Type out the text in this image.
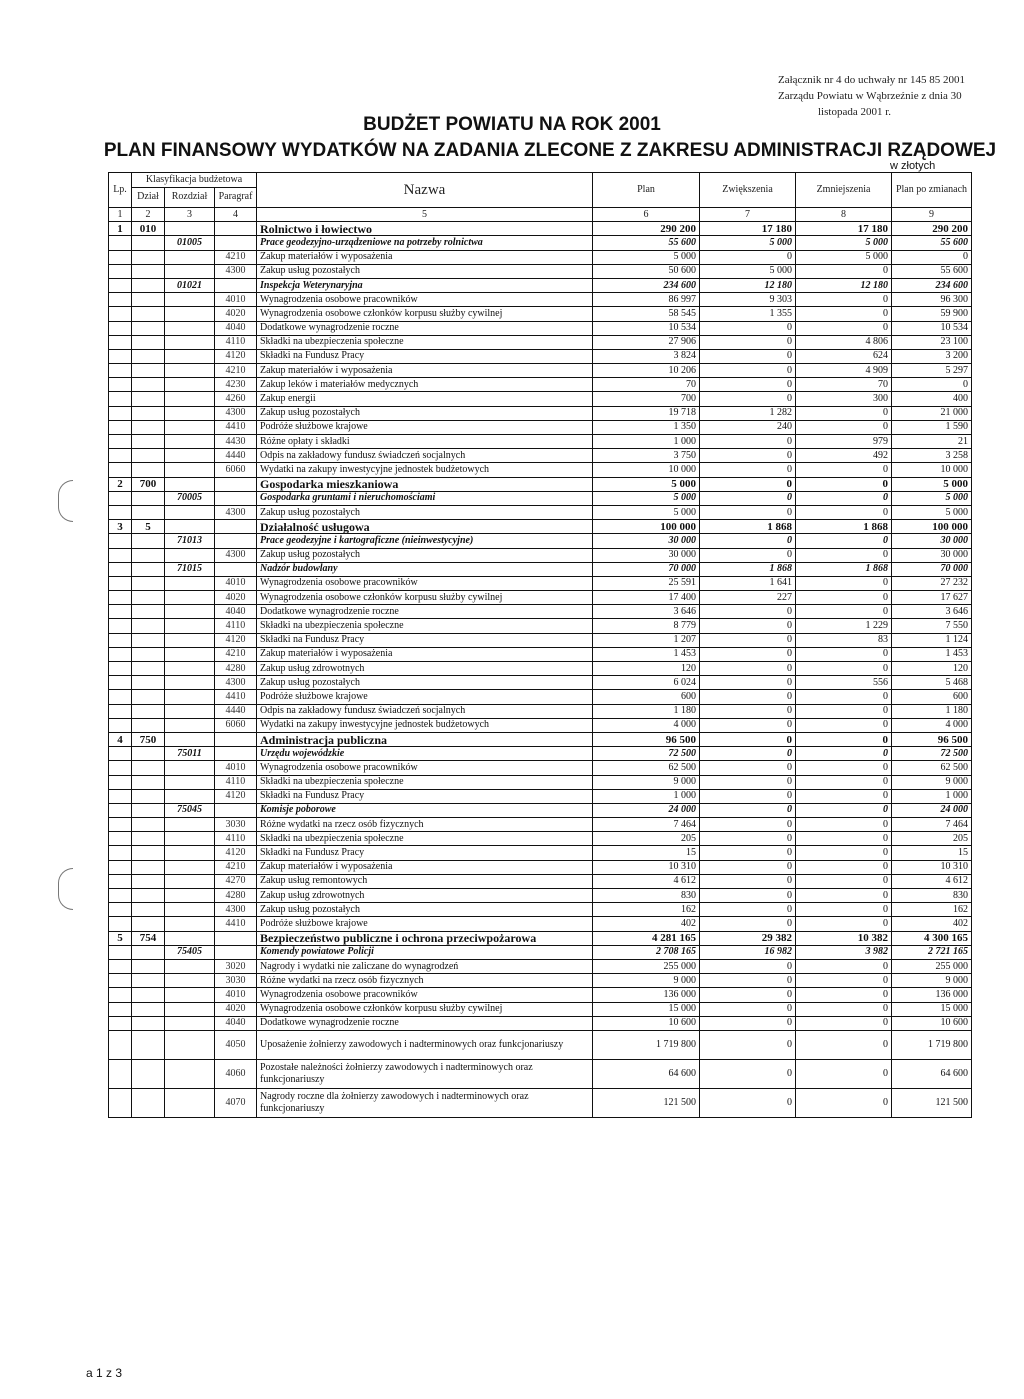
Załącznik nr 4 do uchwały nr 145 85 2001
Zarządu Powiatu w Wąbrzeźnie z dnia 30
listopada 2001 r.
BUDŻET POWIATU NA ROK 2001
PLAN FINANSOWY WYDATKÓW NA ZADANIA ZLECONE Z ZAKRESU ADMINISTRACJI RZĄDOWEJ
w złotych
Lp.	Klasyfikacja budżetowa			Nazwa	Plan	Zwiększenia	Zmniejszenia	Plan po zmianach
	Dział	Rozdział	Paragraf					
1	2	3	4	5	6	7	8	9
1	010			Rolnictwo i łowiectwo	290 200	17 180	17 180	290 200
		01005		Prace geodezyjno-urządzeniowe na potrzeby rolnictwa	55 600	5 000	5 000	55 600
			4210	Zakup materiałów i wyposażenia	5 000	0	5 000	0
			4300	Zakup usług pozostałych	50 600	5 000	0	55 600
		01021		Inspekcja Weterynaryjna	234 600	12 180	12 180	234 600
			4010	Wynagrodzenia osobowe pracowników	86 997	9 303	0	96 300
			4020	Wynagrodzenia osobowe członków korpusu służby cywilnej	58 545	1 355	0	59 900
			4040	Dodatkowe wynagrodzenie roczne	10 534	0	0	10 534
			4110	Składki na ubezpieczenia społeczne	27 906	0	4 806	23 100
			4120	Składki na Fundusz Pracy	3 824	0	624	3 200
			4210	Zakup materiałów i wyposażenia	10 206	0	4 909	5 297
			4230	Zakup leków i materiałów medycznych	70	0	70	0
			4260	Zakup energii	700	0	300	400
			4300	Zakup usług pozostałych	19 718	1 282	0	21 000
			4410	Podróże służbowe krajowe	1 350	240	0	1 590
			4430	Różne opłaty i składki	1 000	0	979	21
			4440	Odpis na zakładowy fundusz świadczeń socjalnych	3 750	0	492	3 258
			6060	Wydatki na zakupy inwestycyjne jednostek budżetowych	10 000	0	0	10 000
2	700			Gospodarka mieszkaniowa	5 000	0	0	5 000
		70005		Gospodarka gruntami i nieruchomościami	5 000	0	0	5 000
			4300	Zakup usług pozostałych	5 000	0	0	5 000
3	5			Działalność usługowa	100 000	1 868	1 868	100 000
		71013		Prace geodezyjne i kartograficzne (nieinwestycyjne)	30 000	0	0	30 000
			4300	Zakup usług pozostałych	30 000	0	0	30 000
		71015		Nadzór budowlany	70 000	1 868	1 868	70 000
			4010	Wynagrodzenia osobowe pracowników	25 591	1 641	0	27 232
			4020	Wynagrodzenia osobowe członków korpusu służby cywilnej	17 400	227	0	17 627
			4040	Dodatkowe wynagrodzenie roczne	3 646	0	0	3 646
			4110	Składki na ubezpieczenia społeczne	8 779	0	1 229	7 550
			4120	Składki na Fundusz Pracy	1 207	0	83	1 124
			4210	Zakup materiałów i wyposażenia	1 453	0	0	1 453
			4280	Zakup usług zdrowotnych	120	0	0	120
			4300	Zakup usług pozostałych	6 024	0	556	5 468
			4410	Podróże służbowe krajowe	600	0	0	600
			4440	Odpis na zakładowy fundusz świadczeń socjalnych	1 180	0	0	1 180
			6060	Wydatki na zakupy inwestycyjne jednostek budżetowych	4 000	0	0	4 000
4	750			Administracja publiczna	96 500	0	0	96 500
		75011		Urzędu wojewódzkie	72 500	0	0	72 500
			4010	Wynagrodzenia osobowe pracowników	62 500	0	0	62 500
			4110	Składki na ubezpieczenia społeczne	9 000	0	0	9 000
			4120	Składki na Fundusz Pracy	1 000	0	0	1 000
		75045		Komisje poborowe	24 000	0	0	24 000
			3030	Różne wydatki na rzecz osób fizycznych	7 464	0	0	7 464
			4110	Składki na ubezpieczenia społeczne	205	0	0	205
			4120	Składki na Fundusz Pracy	15	0	0	15
			4210	Zakup materiałów i wyposażenia	10 310	0	0	10 310
			4270	Zakup usług remontowych	4 612	0	0	4 612
			4280	Zakup usług zdrowotnych	830	0	0	830
			4300	Zakup usług pozostałych	162	0	0	162
			4410	Podróże służbowe krajowe	402	0	0	402
5	754			Bezpieczeństwo publiczne i ochrona przeciwpożarowa	4 281 165	29 382	10 382	4 300 165
		75405		Komendy powiatowe Policji	2 708 165	16 982	3 982	2 721 165
			3020	Nagrody i wydatki nie zaliczane do wynagrodzeń	255 000	0	0	255 000
			3030	Różne wydatki na rzecz osób fizycznych	9 000	0	0	9 000
			4010	Wynagrodzenia osobowe pracowników	136 000	0	0	136 000
			4020	Wynagrodzenia osobowe członków korpusu służby cywilnej	15 000	0	0	15 000
			4040	Dodatkowe wynagrodzenie roczne	10 600	0	0	10 600
			4050	Uposażenie żołnierzy zawodowych i nadterminowych oraz funkcjonariuszy	1 719 800	0	0	1 719 800
			4060	Pozostałe należności żołnierzy zawodowych i nadterminowych oraz funkcjonariuszy	64 600	0	0	64 600
			4070	Nagrody roczne dla żołnierzy zawodowych i nadterminowych oraz funkcjonariuszy	121 500	0	0	121 500
a 1 z 3
